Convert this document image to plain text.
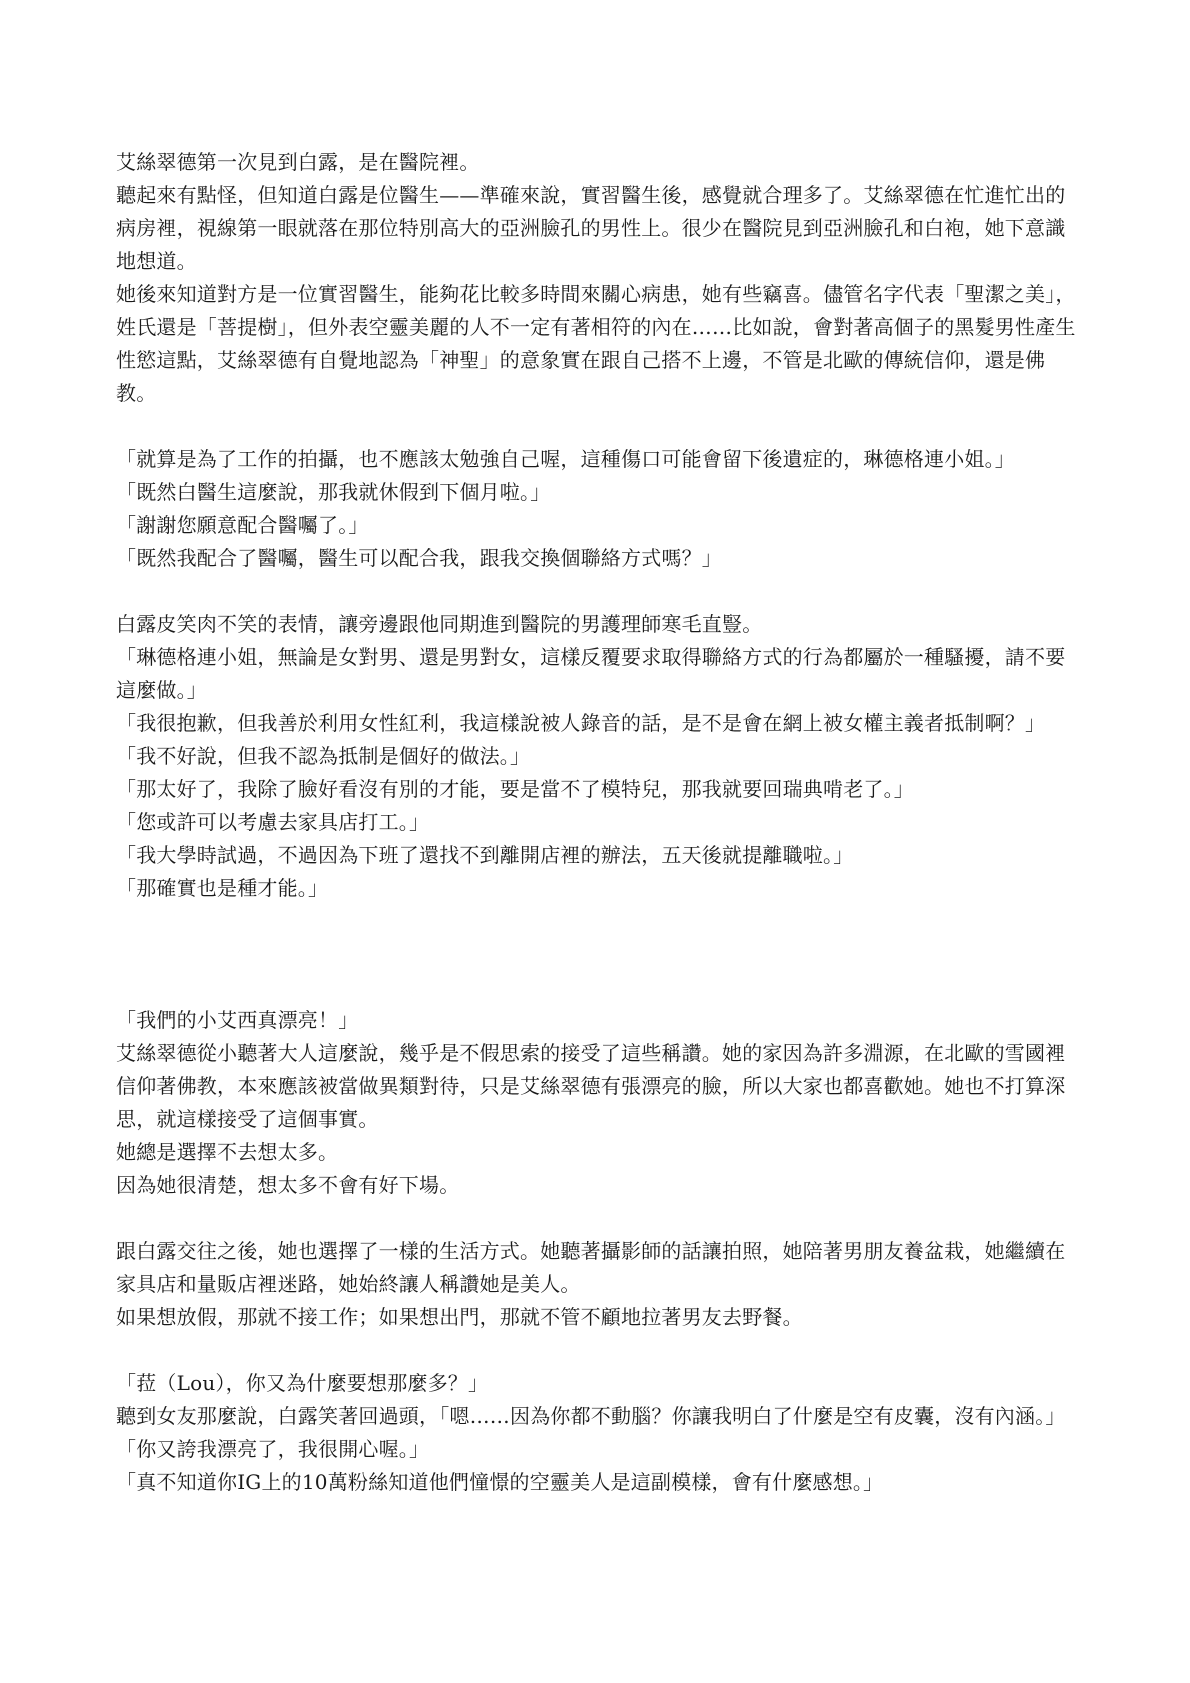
艾絲翠德第一次見到白露，是在醫院裡。

聽起來有點怪，但知道白露是位醫生——準確來說，實習醫生後，感覺就合理多了。艾絲翠德在忙進忙出的病房裡，視線第一眼就落在那位特別高大的亞洲臉孔的男性上。很少在醫院見到亞洲臉孔和白袍，她下意識地想道。

她後來知道對方是一位實習醫生，能夠花比較多時間來關心病患，她有些竊喜。儘管名字代表「聖潔之美」，姓氏還是「菩提樹」，但外表空靈美麗的人不一定有著相符的內在……比如說，會對著高個子的黑髮男性產生性慾這點，艾絲翠德有自覺地認為「神聖」的意象實在跟自己搭不上邊，不管是北歐的傳統信仰，還是佛教。

「就算是為了工作的拍攝，也不應該太勉強自己喔，這種傷口可能會留下後遺症的，琳德格連小姐。」

「既然白醫生這麼說，那我就休假到下個月啦。」

「謝謝您願意配合醫囑了。」

「既然我配合了醫囑，醫生可以配合我，跟我交換個聯絡方式嗎？」

白露皮笑肉不笑的表情，讓旁邊跟他同期進到醫院的男護理師寒毛直豎。

「琳德格連小姐，無論是女對男、還是男對女，這樣反覆要求取得聯絡方式的行為都屬於一種騷擾，請不要這麼做。」

「我很抱歉，但我善於利用女性紅利，我這樣說被人錄音的話，是不是會在網上被女權主義者抵制啊？」

「我不好說，但我不認為抵制是個好的做法。」

「那太好了，我除了臉好看沒有別的才能，要是當不了模特兒，那我就要回瑞典啃老了。」

「您或許可以考慮去家具店打工。」

「我大學時試過，不過因為下班了還找不到離開店裡的辦法，五天後就提離職啦。」

「那確實也是種才能。」

「我們的小艾西真漂亮！」

艾絲翠德從小聽著大人這麼說，幾乎是不假思索的接受了這些稱讚。她的家因為許多淵源，在北歐的雪國裡信仰著佛教，本來應該被當做異類對待，只是艾絲翠德有張漂亮的臉，所以大家也都喜歡她。她也不打算深思，就這樣接受了這個事實。

她總是選擇不去想太多。

因為她很清楚，想太多不會有好下場。

跟白露交往之後，她也選擇了一樣的生活方式。她聽著攝影師的話讓拍照，她陪著男朋友養盆栽，她繼續在家具店和量販店裡迷路，她始終讓人稱讚她是美人。

如果想放假，那就不接工作；如果想出門，那就不管不顧地拉著男友去野餐。

「菈（Lou），你又為什麼要想那麼多？」

聽到女友那麼說，白露笑著回過頭，「嗯……因為你都不動腦？你讓我明白了什麼是空有皮囊，沒有內涵。」

「你又誇我漂亮了，我很開心喔。」

「真不知道你IG上的10萬粉絲知道他們憧憬的空靈美人是這副模樣，會有什麼感想。」
